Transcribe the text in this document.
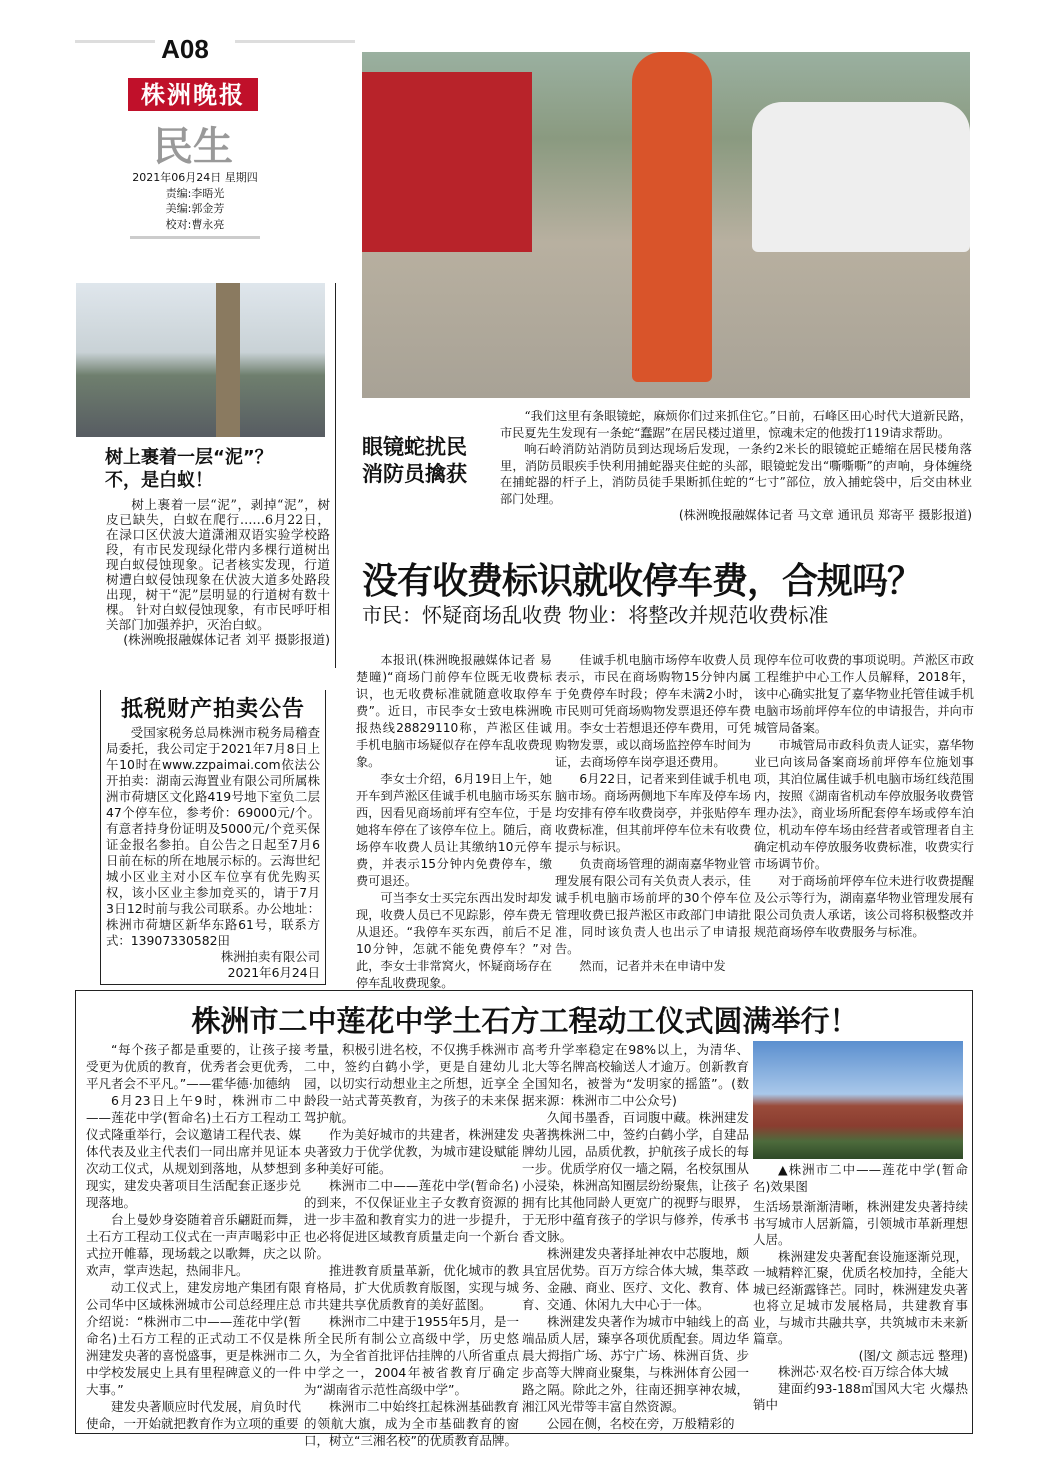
A08
株洲晚报
民生
2021年06月24日 星期四
责编:李晤光
美编:郭金芳
校对:曹永亮
树上裹着一层“泥”？
不，是白蚁！

树上裹着一层“泥”，剥掉“泥”，树皮已缺失，白蚁在爬行……6月22日，在渌口区伏波大道潇湘双语实验学校路段，有市民发现绿化带内多棵行道树出现白蚁侵蚀现象。记者核实发现，行道树遭白蚁侵蚀现象在伏波大道多处路段出现，树干“泥”层明显的行道树有数十棵。 针对白蚁侵蚀现象，有市民呼吁相关部门加强养护，灭治白蚁。

(株洲晚报融媒体记者 刘平 摄影报道)

眼镜蛇扰民
消防员擒获

“我们这里有条眼镜蛇，麻烦你们过来抓住它。”日前，石峰区田心时代大道新民路，市民夏先生发现有一条蛇“蠢踞”在居民楼过道里，惊魂未定的他拨打119请求帮助。

响石岭消防站消防员到达现场后发现，一条约2米长的眼镜蛇正蜷缩在居民楼角落里，消防员眼疾手快利用捕蛇器夹住蛇的头部，眼镜蛇发出“嘶嘶嘶”的声响，身体缠绕在捕蛇器的杆子上，消防员徒手果断抓住蛇的“七寸”部位，放入捕蛇袋中，后交由林业部门处理。

(株洲晚报融媒体记者 马文章 通讯员 郑寄平 摄影报道)

没有收费标识就收停车费，合规吗？
市民：怀疑商场乱收费 物业：将整改并规范收费标准
抵税财产拍卖公告

受国家税务总局株洲市税务局稽查局委托，我公司定于2021年7月8日上午10时在www.zzpaimai.com依法公开拍卖：湖南云海置业有限公司所属株洲市荷塘区文化路419号地下室负二层47个停车位，参考价：69000元/个。有意者持身份证明及5000元/个竞买保证金报名参拍。自公告之日起至7月6日前在标的所在地展示标的。云海世纪城小区业主对小区车位享有优先购买权，该小区业主参加竞买的，请于7月3日12时前与我公司联系。办公地址：株洲市荷塘区新华东路61号，联系方式：13907330582田

株洲拍卖有限公司

2021年6月24日

本报讯(株洲晚报融媒体记者 易楚曈)“商场门前停车位既无收费标识，也无收费标准就随意收取停车费”。近日，市民李女士致电株洲晚报热线28829110称，芦淞区佳诚手机电脑市场疑似存在停车乱收费现象。

李女士介绍，6月19日上午，她开车到芦淞区佳诚手机电脑市场买东西，因看见商场前坪有空车位，于是她将车停在了该停车位上。随后，商场停车收费人员让其缴纳10元停车费，并表示15分钟内免费停车，缴费可退还。

可当李女士买完东西出发时却发现，收费人员已不见踪影，停车费无从退还。“我停车买东西，前后不足10分钟，怎就不能免费停车？”对此，李女士非常窝火，怀疑商场存在停车乱收费现象。

佳诚手机电脑市场停车收费人员表示，市民在商场购物15分钟内属于免费停车时段；停车未满2小时，市民则可凭商场购物发票退还停车费用。李女士若想退还停车费用，可凭购物发票，或以商场监控停车时间为证，去商场停车岗亭退还费用。

6月22日，记者来到佳诚手机电脑市场。商场两侧地下车库及停车场均安排有停车收费岗亭，并张贴停车收费标准，但其前坪停车位未有收费提示与标识。

负责商场管理的湖南嘉华物业管理发展有限公司有关负责人表示，佳诚手机电脑市场前坪的30个停车位管理收费已报芦淞区市政部门申请批准，同时该负责人也出示了申请报告。

然而，记者并未在申请中发

现停车位可收费的事项说明。芦淞区市政工程维护中心工作人员解释，2018年，该中心确实批复了嘉华物业托管佳诚手机电脑市场前坪停车位的申请报告，并向市城管局备案。

市城管局市政科负责人证实，嘉华物业已向该局备案商场前坪停车位施划事项，其泊位属佳诚手机电脑市场红线范围内，按照《湖南省机动车停放服务收费管理办法》，商业场所配套停车场或停车泊位，机动车停车场由经营者或管理者自主确定机动车停放服务收费标准，收费实行市场调节价。

对于商场前坪停车位未进行收费提醒及公示等行为，湖南嘉华物业管理发展有限公司负责人承诺，该公司将积极整改并规范商场停车收费服务与标准。

株洲市二中莲花中学土石方工程动工仪式圆满举行！

“每个孩子都是重要的，让孩子接受更为优质的教育，优秀者会更优秀，平凡者会不平凡。”——霍华德·加德纳

6月23日上午9时，株洲市二中——莲花中学(暂命名)土石方工程动工仪式隆重举行，会议邀请工程代表、媒体代表及业主代表们一同出席并见证本次动工仪式，从规划到落地，从梦想到现实，建发央著项目生活配套正逐步兑现落地。

台上曼妙身姿随着音乐翩跹而舞，土石方工程动工仪式在一声声喝彩中正式拉开帷幕，现场载之以歌舞，庆之以欢声，掌声迭起，热闹非凡。

动工仪式上，建发房地产集团有限公司华中区域株洲城市公司总经理庄总介绍说：“株洲市二中——莲花中学(暂命名)土石方工程的正式动工不仅是株洲建发央著的喜悦盛事，更是株洲市二中学校发展史上具有里程碑意义的一件大事。”

建发央著顺应时代发展，肩负时代使命，一开始就把教育作为立项的重要

考量，积极引进名校，不仅携手株洲市二中，签约白鹤小学，更是自建幼儿园，以切实行动想业主之所想，近享全龄段一站式菁英教育，为孩子的未来保驾护航。

作为美好城市的共建者，株洲建发央著致力于优学优教，为城市建设赋能多种美好可能。

株洲市二中——莲花中学(暂命名)的到来，不仅保证业主子女教育资源的进一步丰盈和教育实力的进一步提升，也必将促进区域教育质量走向一个新台阶。

推进教育质量革新，优化城市的教育格局，扩大优质教育版图，实现与城市共建共享优质教育的美好蓝图。

株洲市二中建于1955年5月，是一所全民所有制公立高级中学，历史悠久，为全省首批评估挂牌的八所省重点中学之一，2004年被省教育厅确定为“湖南省示范性高级中学”。

株洲市二中始终扛起株洲基础教育的领航大旗，成为全市基础教育的窗口，树立“三湘名校”的优质教育品牌。

高考升学率稳定在98%以上，为清华、北大等名牌高校输送人才逾万。创新教育全国知名，被誉为“发明家的摇篮”。(数据来源：株洲市二中公众号)

久闻书墨香，百词腹中藏。株洲建发央著携株洲二中，签约白鹤小学，自建品牌幼儿园，品质优教，护航孩子成长的每一步。优质学府仅一墙之隔，名校氛围从小浸染，株洲高知圈层纷纷聚焦，让孩子拥有比其他同龄人更宽广的视野与眼界，于无形中蕴育孩子的学识与修养，传承书香文脉。

株洲建发央著择址神农中芯腹地，颇具宜居优势。百万方综合体大城，集萃政务、金融、商业、医疗、文化、教育、体育、交通、休闲九大中心于一体。

株洲建发央著作为城市中轴线上的高端品质人居，臻享各项优质配套。周边华晨大拇指广场、苏宁广场、株洲百货、步步高等大牌商业聚集，与株洲体育公园一路之隔。除此之外，往南还拥享神农城，湘江风光带等丰富自然资源。

公园在侧，名校在旁，万般精彩的

▲株洲市二中——莲花中学(暂命名)效果图

生活场景渐渐清晰，株洲建发央著持续书写城市人居新篇，引领城市革新理想人居。

株洲建发央著配套设施逐渐兑现，一城精粹汇聚，优质名校加持，全能大城已经渐露锋芒。同时，株洲建发央著也将立足城市发展格局，共建教育事业，与城市共融共享，共筑城市未来新篇章。

(图/文 颜志远 整理)

株洲芯·双名校·百万综合体大城

建面约93-188㎡国风大宅 火爆热销中
